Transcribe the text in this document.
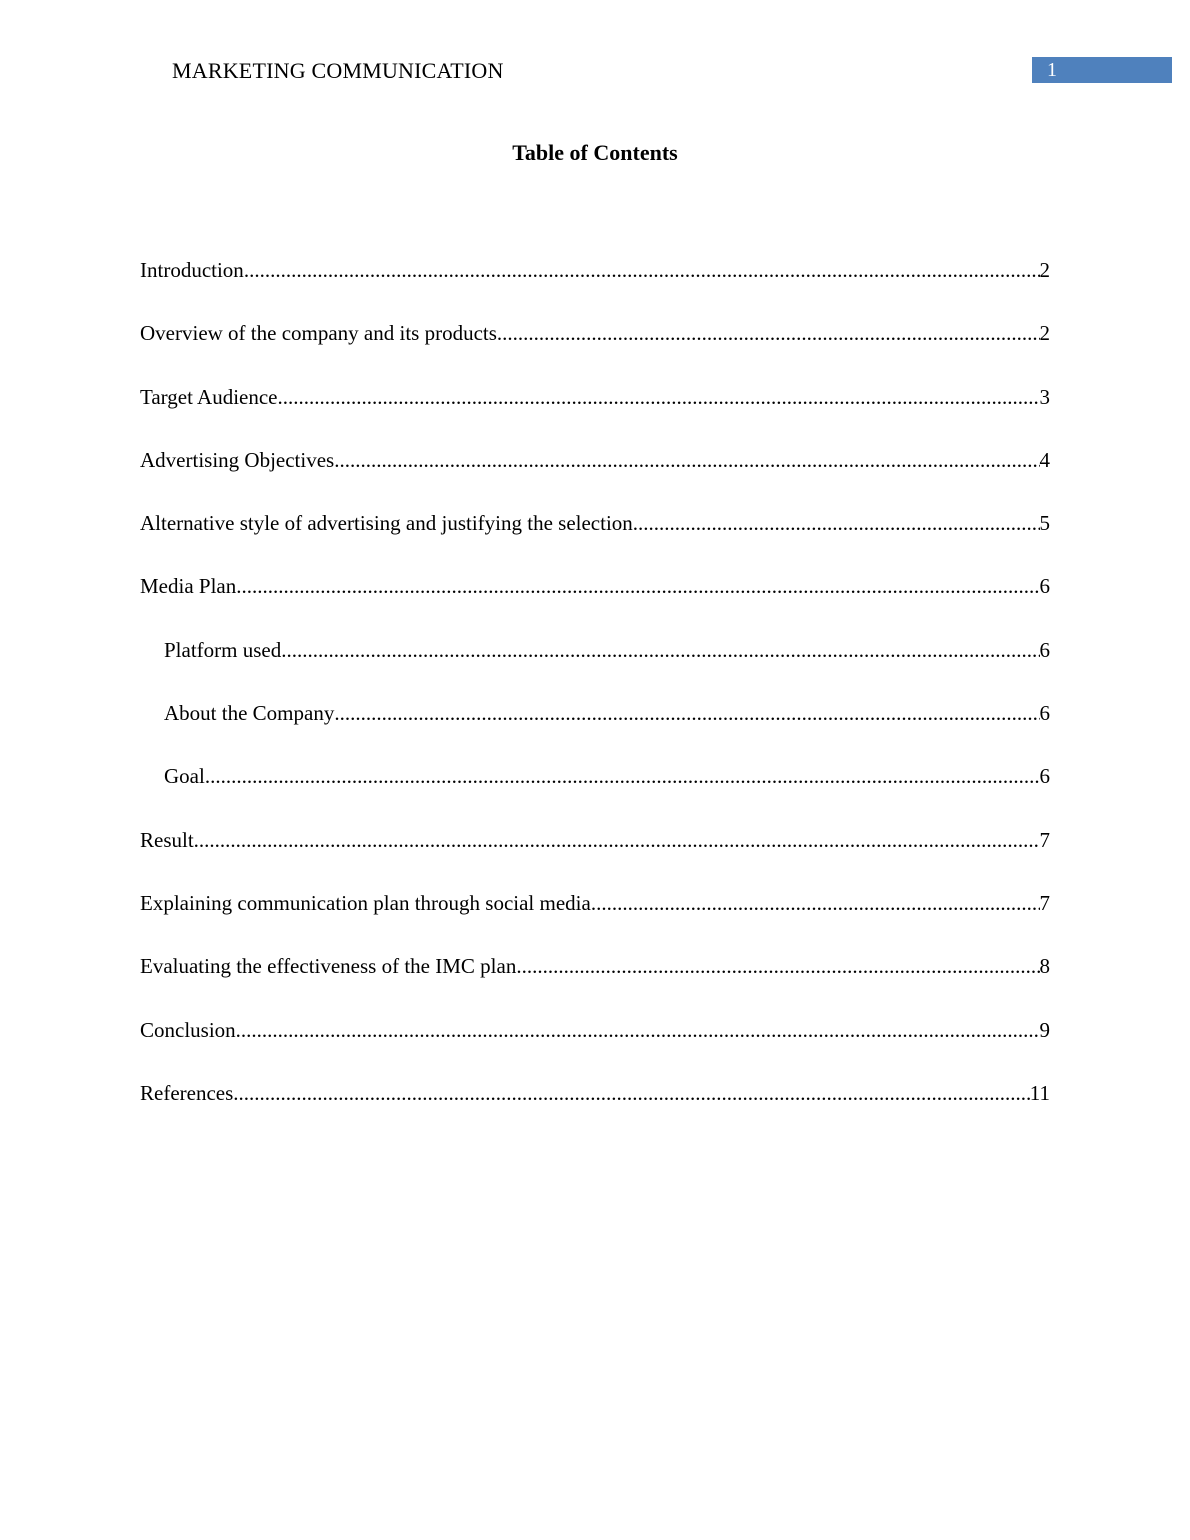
MARKETING COMMUNICATION	1
Table of Contents
Introduction .....	2
Overview of the company and its products .....	2
Target Audience .....	3
Advertising Objectives .....	4
Alternative style of advertising and justifying the selection .....	5
Media Plan .....	6
Platform used .....	6
About the Company .....	6
Goal .....	6
Result .....	7
Explaining communication plan through social media .....	7
Evaluating the effectiveness of the IMC plan .....	8
Conclusion .....	9
References .....	11
